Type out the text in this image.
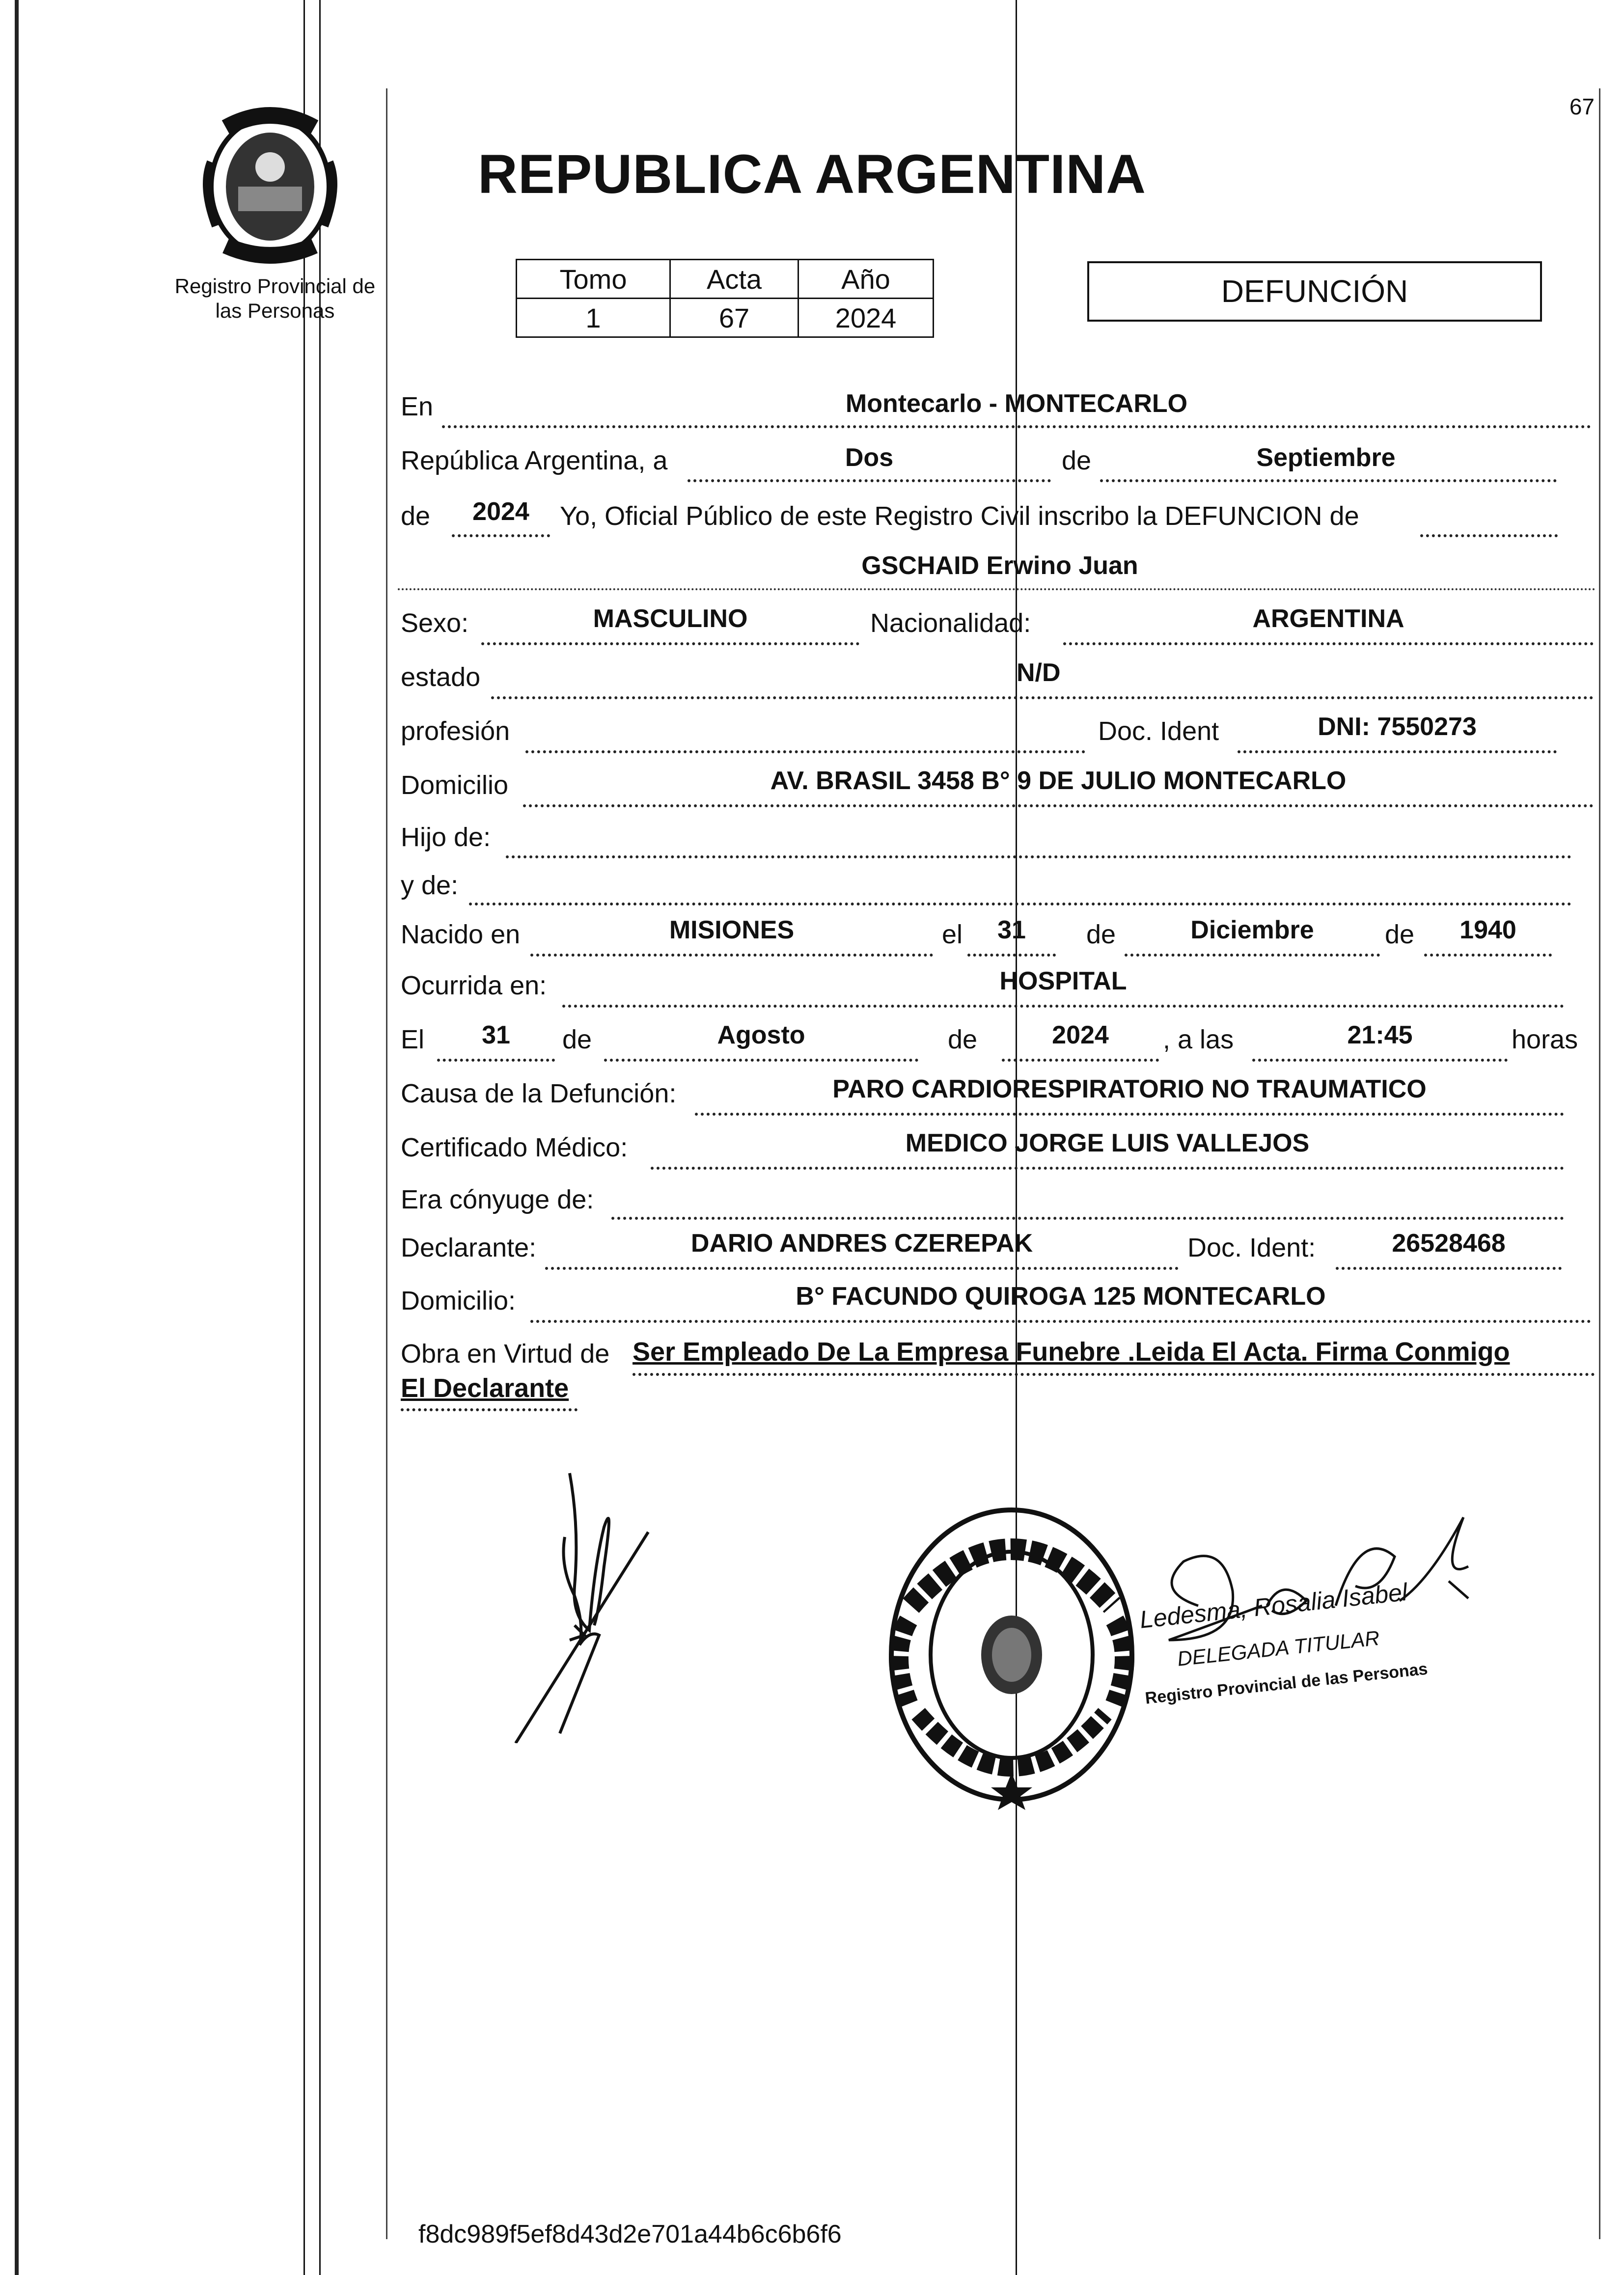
Registro Provincial de las Personas
67
REPUBLICA ARGENTINA
Tomo	Acta	Año
1	67	2024
DEFUNCIÓN
En	Montecarlo - MONTECARLO
República Argentina, a	Dos	de	Septiembre
de	2024	Yo, Oficial Público de este Registro Civil inscribo la DEFUNCION de
GSCHAID Erwino Juan
Sexo:	MASCULINO	Nacionalidad:	ARGENTINA
estado	N/D
profesión	Doc. Ident	DNI: 7550273
Domicilio	AV. BRASIL 3458 B° 9 DE JULIO MONTECARLO
Hijo de:
y de:
Nacido en	MISIONES	el	31	de	Diciembre	de	1940
Ocurrida en:	HOSPITAL
El	31	de	Agosto	de	2024	, a las	21:45	horas
Causa de la Defunción:	PARO CARDIORESPIRATORIO NO TRAUMATICO
Certificado Médico:	MEDICO JORGE LUIS VALLEJOS
Era cónyuge de:
Declarante:	DARIO ANDRES CZEREPAK	Doc. Ident:	26528468
Domicilio:	B° FACUNDO QUIROGA 125 MONTECARLO
Obra en Virtud de Ser Empleado De La Empresa Funebre .Leida El Acta. Firma Conmigo
El Declarante
Ledesma, Rosalia Isabel
DELEGADA TITULAR
Registro Provincial de las Personas
f8dc989f5ef8d43d2e701a44b6c6b6f6
